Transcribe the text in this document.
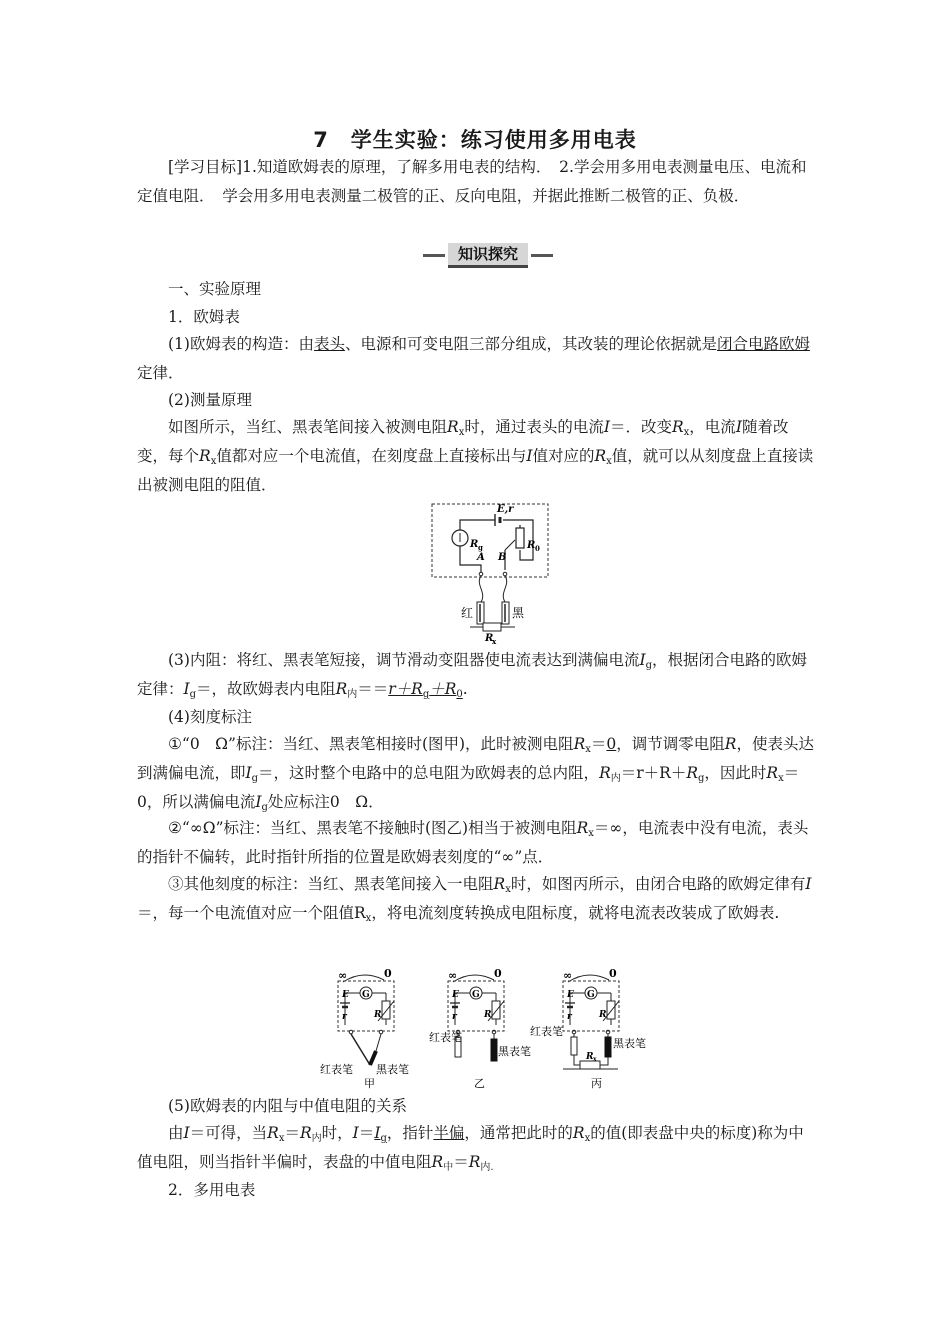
7　学生实验：练习使用多用电表

[学习目标]1.知道欧姆表的原理，了解多用电表的结构．　2.学会用多用电表测量电压、电流和定值电阻．　学会用多用电表测量二极管的正、反向电阻，并据此推断二极管的正、负极．

知识探究

一、实验原理

1．欧姆表

(1)欧姆表的构造：由表头、电源和可变电阻三部分组成，其改装的理论依据就是闭合电路欧姆定律．

(2)测量原理

如图所示，当红、黑表笔间接入被测电阻$R_x$时，通过表头的电流I＝．改变$R_x$，电流I随着改变，每个$R_x$值都对应一个电流值，在刻度盘上直接标出与I值对应的$R_x$值，就可以从刻度盘上直接读出被测电阻的阻值．

E,r
R g	R 0
A B
红	黑
R
x

(3)内阻：将红、黑表笔短接，调节滑动变阻器使电流表达到满偏电流$I_g$，根据闭合电路的欧姆定律：$I_g=$，故欧姆表内电阻$R_内==r+R_g+R_0$.

(4)刻度标注

①“0　Ω”标注：当红、黑表笔相接时(图甲)，此时被测电阻$R_x=0$，调节调零电阻R，使表头达到满偏电流，即$I_g=$，这时整个电路中的总电阻为欧姆表的总内阻，$R_内=r+R+R_g$，因此时$R_x=0$，所以满偏电流$I_g$处应标注0　Ω．

②“∞Ω”标注：当红、黑表笔不接触时(图乙)相当于被测电阻$R_x=\infty$，电流表中没有电流，表头的指针不偏转，此时指针所指的位置是欧姆表刻度的“∞”点．

③其他刻度的标注：当红、黑表笔间接入一电阻$R_x$时，如图丙所示，由闭合电路的欧姆定律有I＝，每一个电流值对应一个阻值$R_x$，将电流刻度转换成电阻标度，就将电流表改装成了欧姆表.

∞	0
G
E
r	R
红表笔 黑表笔
甲
∞	0
G
E
r	R
红表笔
黑表笔
乙
∞	0
G
E
r	R
R x
红表笔
黑表笔
丙

(5)欧姆表的内阻与中值电阻的关系

由I＝可得，当$R_x=R_内$时，$I=I_g$，指针半偏，通常把此时的$R_x$的值(即表盘中央的标度)称为中值电阻，则当指针半偏时，表盘的中值电阻$R_中=R_{内.}$

2．多用电表
